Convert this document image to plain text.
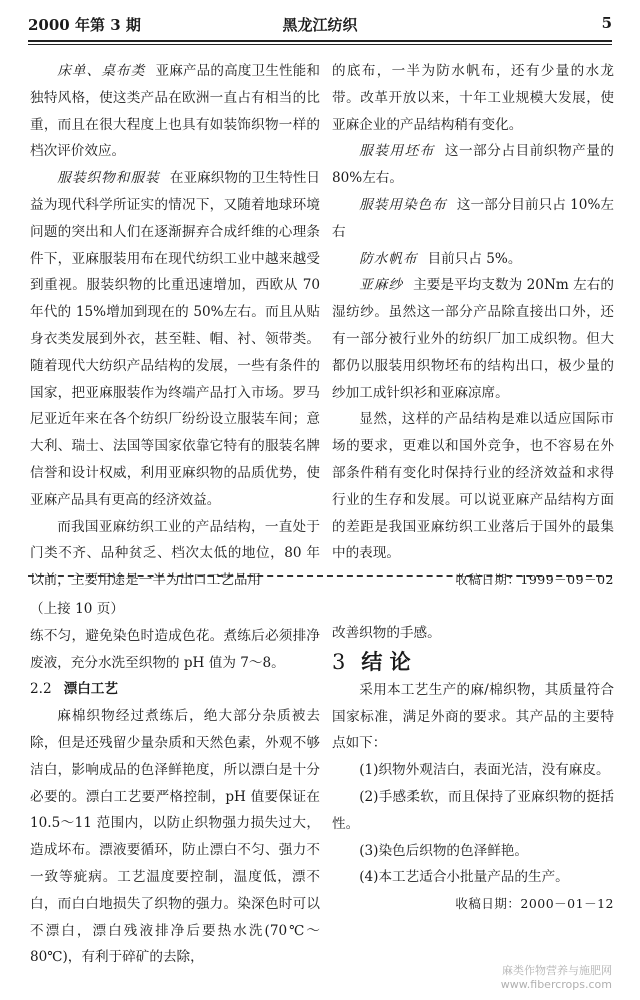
2000 年第 3 期	黑龙江纺织	5

床单、桌布类 亚麻产品的高度卫生性能和独特风格，使这类产品在欧洲一直占有相当的比重，而且在很大程度上也具有如装饰织物一样的档次评价效应。

服装织物和服装 在亚麻织物的卫生特性日益为现代科学所证实的情况下，又随着地球环境问题的突出和人们在逐渐摒弃合成纤维的心理条件下，亚麻服装用布在现代纺织工业中越来越受到重视。服装织物的比重迅速增加，西欧从 70 年代的 15%增加到现在的 50%左右。而且从贴身衣类发展到外衣，甚至鞋、帽、衬、领带类。随着现代大纺织产品结构的发展，一些有条件的国家，把亚麻服装作为终端产品打入市场。罗马尼亚近年来在各个纺织厂纷纷设立服装车间；意大利、瑞士、法国等国家依靠它特有的服装名牌信誉和设计权威，利用亚麻织物的品质优势，使亚麻产品具有更高的经济效益。

而我国亚麻纺织工业的产品结构，一直处于门类不齐、品种贫乏、档次太低的地位，80 年以前，主要用途是一半为出口工艺品用

的底布，一半为防水帆布，还有少量的水龙带。改革开放以来，十年工业规模大发展，使亚麻企业的产品结构稍有变化。

服装用坯布 这一部分占目前织物产量的 80%左右。

服装用染色布 这一部分目前只占 10%左右

防水帆布 目前只占 5%。

亚麻纱 主要是平均支数为 20Nm 左右的湿纺纱。虽然这一部分产品除直接出口外，还有一部分被行业外的纺织厂加工成织物。但大都仍以服装用织物坯布的结构出口，极少量的纱加工成针织衫和亚麻凉席。

显然，这样的产品结构是难以适应国际市场的要求，更难以和国外竞争，也不容易在外部条件稍有变化时保持行业的经济效益和求得行业的生存和发展。可以说亚麻产品结构方面的差距是我国亚麻纺织工业落后于国外的最集中的表现。

收稿日期：1999－09－02

（上接 10 页）

练不匀，避免染色时造成色花。煮练后必须排净废液，充分水洗至织物的 pH 值为 7～8。

2.2 漂白工艺

麻棉织物经过煮练后，绝大部分杂质被去除，但是还残留少量杂质和天然色素，外观不够洁白，影响成品的色泽鲜艳度，所以漂白是十分必要的。漂白工艺要严格控制，pH 值要保证在 10.5～11 范围内，以防止织物强力损失过大，造成坏布。漂液要循环，防止漂白不匀、强力不一致等疵病。工艺温度要控制，温度低，漂不白，而白白地损失了织物的强力。染深色时可以不漂白，漂白残液排净后要热水洗(70℃～80℃)，有利于碎矿的去除，

改善织物的手感。

3 结 论

采用本工艺生产的麻/棉织物，其质量符合国家标准，满足外商的要求。其产品的主要特点如下：

(1)织物外观洁白，表面光洁，没有麻皮。

(2)手感柔软，而且保持了亚麻织物的挺括性。

(3)染色后织物的色泽鲜艳。

(4)本工艺适合小批量产品的生产。

收稿日期：2000－01－12

麻类作物营养与施肥网
www.fibercrops.com
